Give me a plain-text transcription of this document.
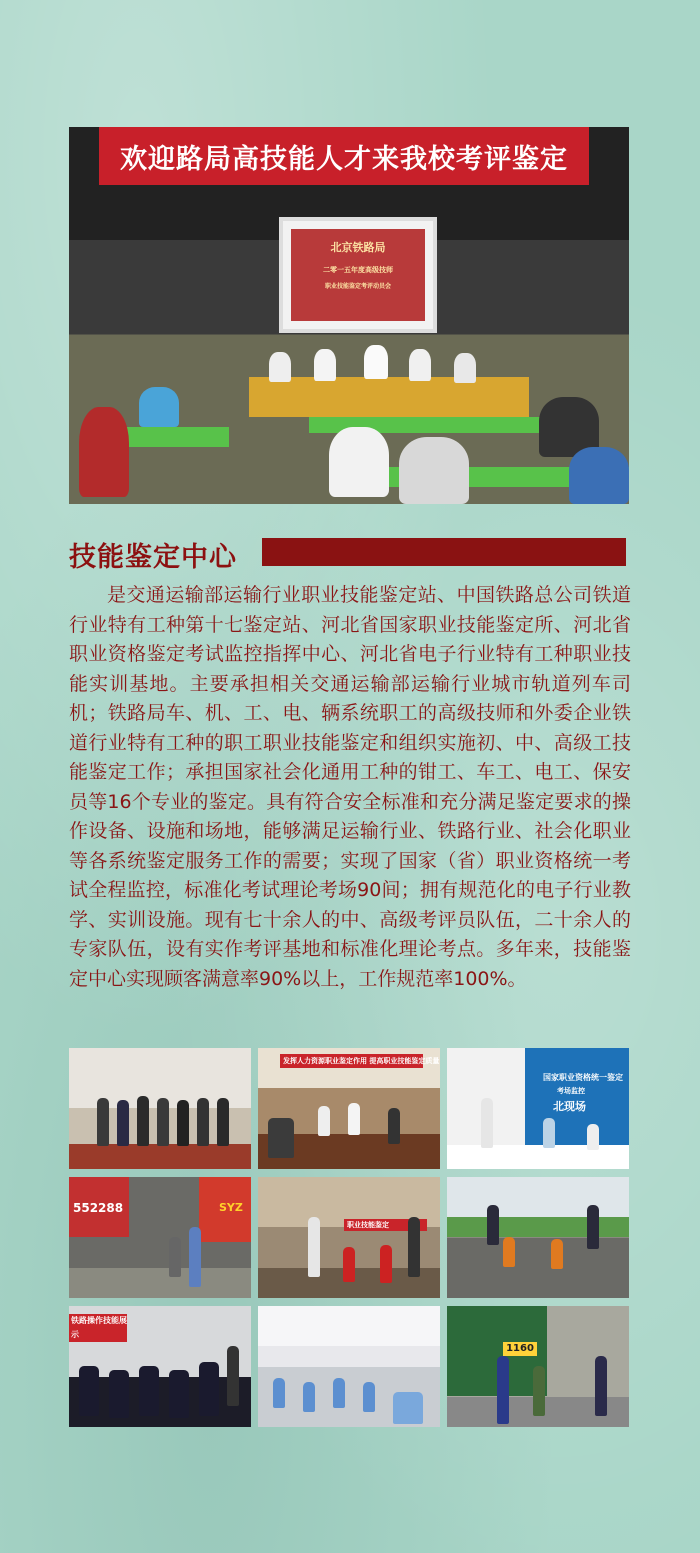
欢迎路局高技能人才来我校考评鉴定
北京铁路局
二零一五年度高级技师
职业技能鉴定考评动员会
技能鉴定中心

是交通运输部运输行业职业技能鉴定站、中国铁路总公司铁道行业特有工种第十七鉴定站、河北省国家职业技能鉴定所、河北省职业资格鉴定考试监控指挥中心、河北省电子行业特有工种职业技能实训基地。主要承担相关交通运输部运输行业城市轨道列车司机；铁路局车、机、工、电、辆系统职工的高级技师和外委企业铁道行业特有工种的职工职业技能鉴定和组织实施初、中、高级工技能鉴定工作；承担国家社会化通用工种的钳工、车工、电工、保安员等16个专业的鉴定。具有符合安全标准和充分满足鉴定要求的操作设备、设施和场地，能够满足运输行业、铁路行业、社会化职业等各系统鉴定服务工作的需要；实现了国家（省）职业资格统一考试全程监控，标准化考试理论考场90间；拥有规范化的电子行业教学、实训设施。现有七十余人的中、高级考评员队伍，二十余人的专家队伍，设有实作考评基地和标准化理论考点。多年来，技能鉴定中心实现顾客满意率90%以上，工作规范率100%。

发挥人力资源职业鉴定作用 提高职业技能鉴定质量
国家职业资格统一鉴定
考场监控
北现场
552288	SYZ
职业技能鉴定
铁路操作技能展示
1160
